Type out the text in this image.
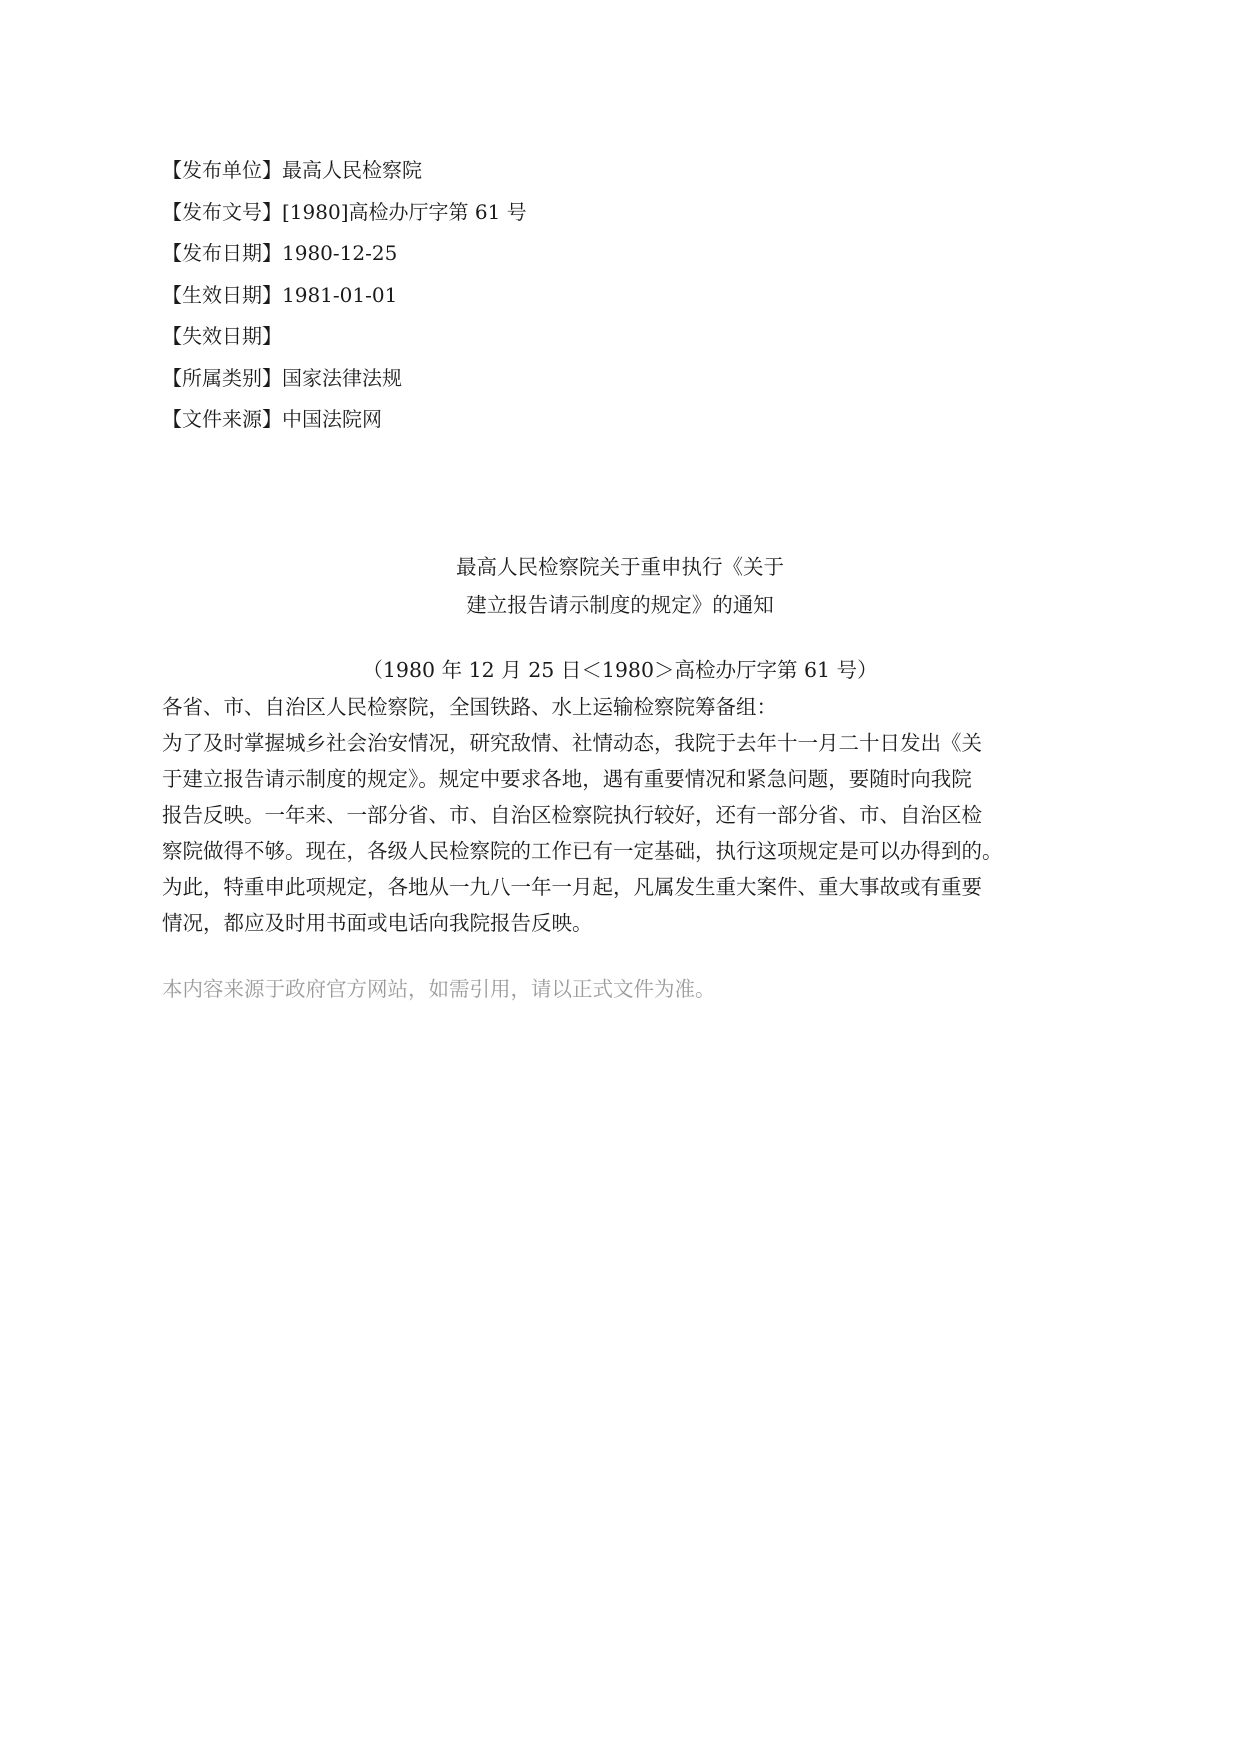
【发布单位】最高人民检察院
【发布文号】[1980]高检办厅字第 61 号
【发布日期】1980-12-25
【生效日期】1981-01-01
【失效日期】
【所属类别】国家法律法规
【文件来源】中国法院网
最高人民检察院关于重申执行《关于
建立报告请示制度的规定》的通知
（1980 年 12 月 25 日＜1980＞高检办厅字第 61 号）
各省、市、自治区人民检察院，全国铁路、水上运输检察院筹备组：
为了及时掌握城乡社会治安情况，研究敌情、社情动态，我院于去年十一月二十日发出《关
于建立报告请示制度的规定》。规定中要求各地，遇有重要情况和紧急问题，要随时向我院
报告反映。一年来、一部分省、市、自治区检察院执行较好，还有一部分省、市、自治区检
察院做得不够。现在，各级人民检察院的工作已有一定基础，执行这项规定是可以办得到的。
为此，特重申此项规定，各地从一九八一年一月起，凡属发生重大案件、重大事故或有重要
情况，都应及时用书面或电话向我院报告反映。
本内容来源于政府官方网站，如需引用，请以正式文件为准。
